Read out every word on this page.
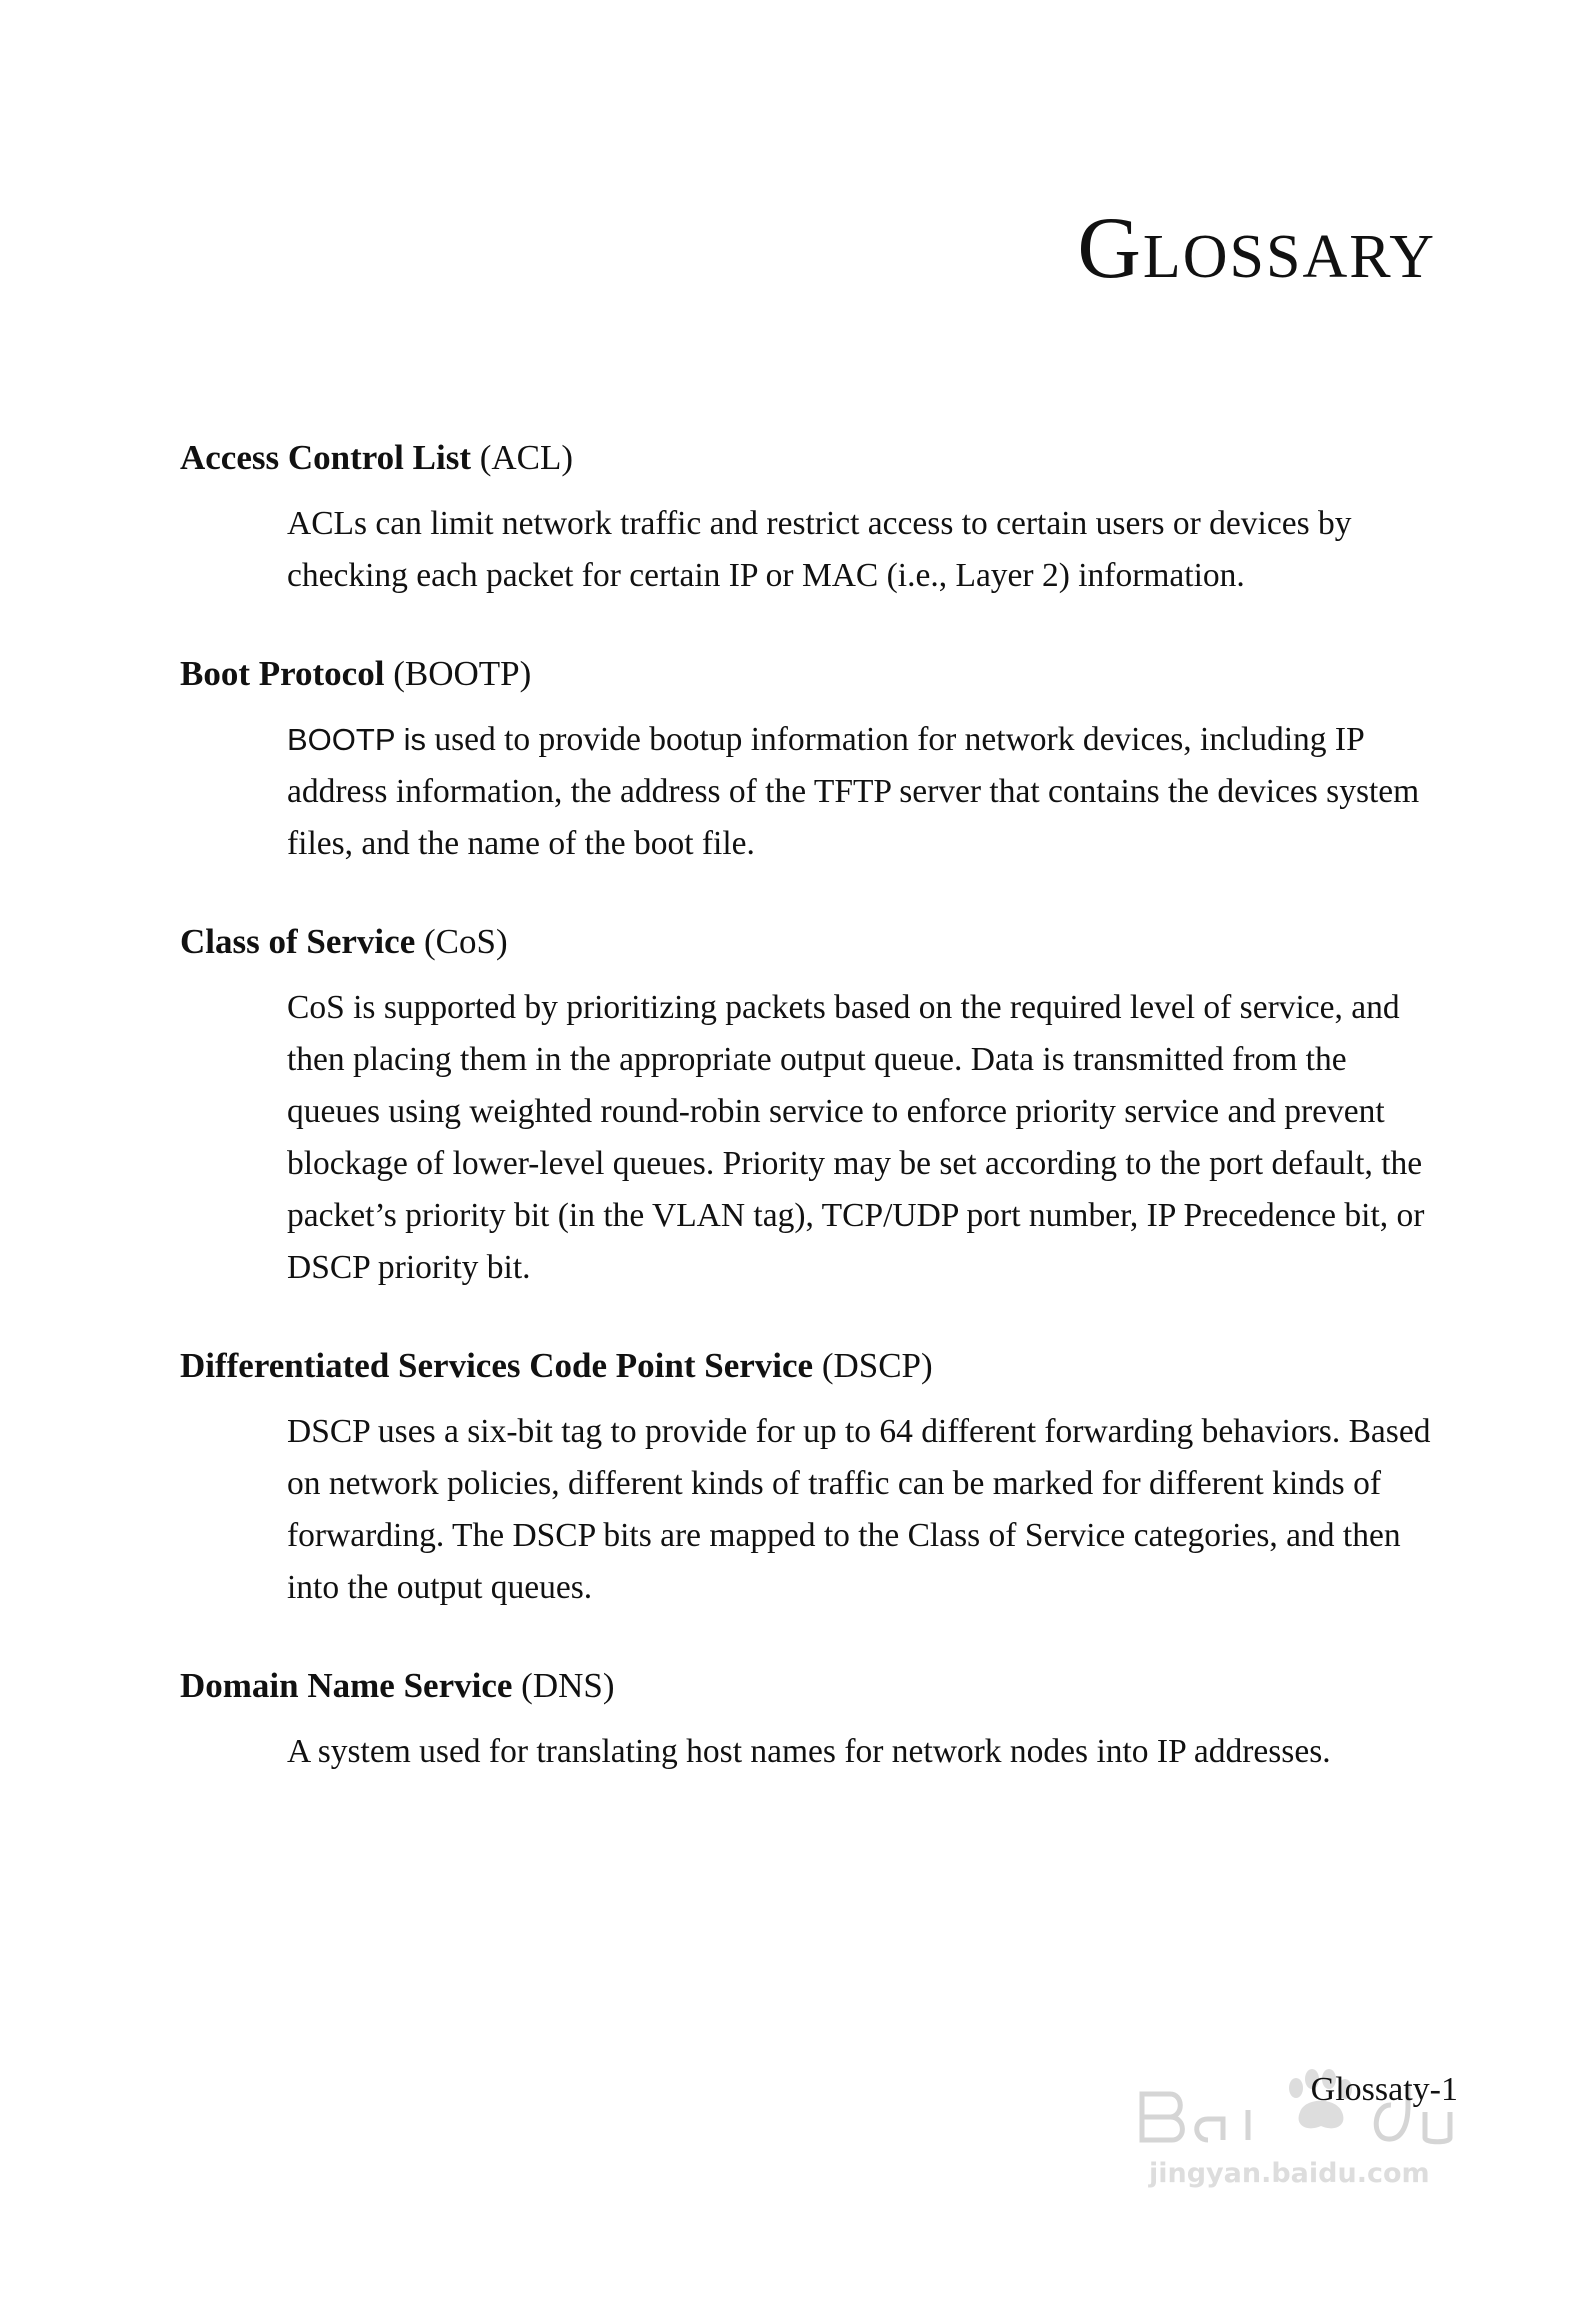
Glossary

Access Control List (ACL)

ACLs can limit network traffic and restrict access to certain users or devices by checking each packet for certain IP or MAC (i.e., Layer 2) information.

Boot Protocol (BOOTP)

BOOTP is used to provide bootup information for network devices, including IP address information, the address of the TFTP server that contains the devices system files, and the name of the boot file.

Class of Service (CoS)

CoS is supported by prioritizing packets based on the required level of service, and then placing them in the appropriate output queue. Data is transmitted from the queues using weighted round-robin service to enforce priority service and prevent blockage of lower-level queues. Priority may be set according to the port default, the packet’s priority bit (in the VLAN tag), TCP/UDP port number, IP Precedence bit, or DSCP priority bit.

Differentiated Services Code Point Service (DSCP)

DSCP uses a six-bit tag to provide for up to 64 different forwarding behaviors. Based on network policies, different kinds of traffic can be marked for different kinds of forwarding. The DSCP bits are mapped to the Class of Service categories, and then into the output queues.

Domain Name Service (DNS)

A system used for translating host names for network nodes into IP addresses.

jingyan.baidu.com
Glossaty-1
